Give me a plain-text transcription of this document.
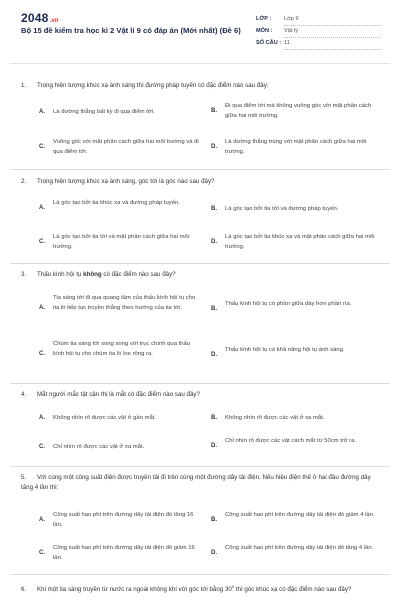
2048.vn
Bộ 15 đề kiểm tra học kì 2 Vật lí 9 có đáp án (Mới nhất) (Đề 6)
LỚP : Lớp 9
MÔN : Vật lý
SỐ CÂU : 11
1. Trong hiện tượng khúc xạ ánh sáng thì đường pháp tuyến có đặc điểm nào sau đây:
A. Là đường thẳng bất kỳ đi qua điểm tới.	B.
Đi qua điểm tới mà không vuông góc với mặt phân cách giữa hai môi trường.
C.
Vuông góc với mặt phân cách giữa hai môi trường và đi qua điểm tới.
D.
Là đường thẳng trùng với mặt phân cách giữa hai môi trường.
2. Trong hiện tượng khúc xạ ánh sáng, góc tới là góc nào sau đây?
A.
Là góc tạo bởi tia khúc xạ và đường pháp tuyến.
B. Là góc tạo bởi tia tới và đường pháp tuyến.
C.
Là góc tạo bởi tia tới và mặt phân cách giữa hai môi trường.
D.
Là góc tạo bởi tia khúc xạ và mặt phân cách giữa hai môi trường.
3. Thấu kính hội tụ không có đặc điểm nào sau đây?
A.
Tia sáng tới đi qua quang tâm của thấu kính hội tụ cho tia ló tiếp tục truyền thẳng theo hướng của tia tới.	B.
Thấu kính hội tụ có phần giữa dày hơn phần rìa.
C.
Chùm tia sáng tới song song với trục chính qua thấu kính hội tụ cho chùm tia ló loe rộng ra.	D.
Thấu kính hội tụ có khả năng hội tụ ánh sáng.
4. Mắt người mắc tật cận thị là mắt có đặc điểm nào sau đây?
A. Không nhìn rõ được các vật ở gần mắt.	B. Không nhìn rõ được các vật ở xa mắt.
C. Chỉ nhìn rõ được các vật ở xa mắt.	D.
Chỉ nhìn rõ được các vật cách mắt từ 50cm trở ra.
5. Với cùng một công suất điện được truyền tải đi trên cùng một đường dây tải điện. Nếu hiệu điện thế ở hai đầu đường dây tăng 4 lần thì:
A.
Công suất hao phí trên đường dây tải điện đó tăng 16 lần.
B.
Công suất hao phí trên đường dây tải điện đó giảm 4 lần.
C.
Công suất hao phí trên đường dây tải điện đó giảm 16 lần.
D.
Công suất hao phí trên đường dây tải điện đó tăng 4 lần.
6. Khi một tia sáng truyền từ nước ra ngoài không khí với góc tới bằng $30^0$ thì góc khúc xạ có đặc điểm nào sau đây?
